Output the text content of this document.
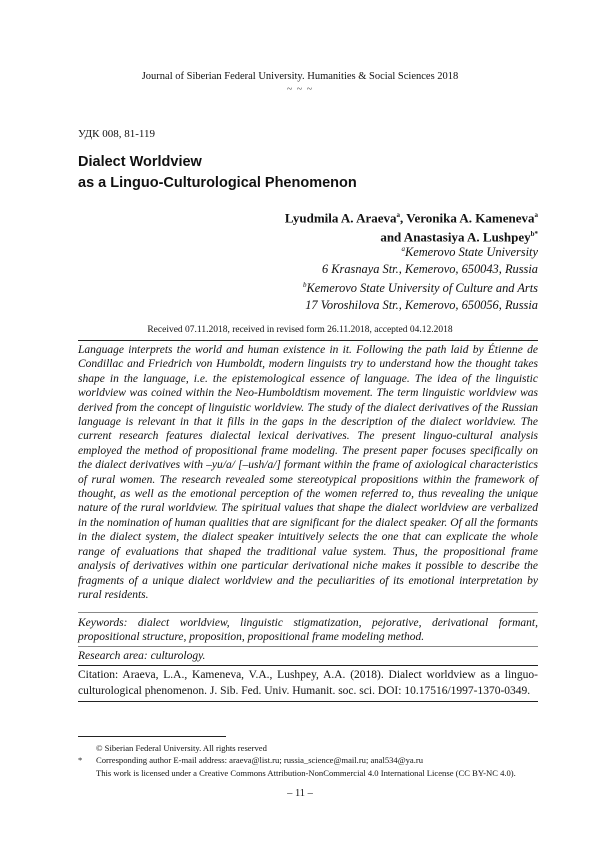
Journal of Siberian Federal University. Humanities & Social Sciences 2018
~ ~ ~
УДК 008, 81-119
Dialect Worldview
as a Linguo-Culturological Phenomenon
Lyudmila A. Araeva$^a$, Veronika A. Kameneva$^a$
and Anastasiya A. Lushpey$^{b*}$
$^a$Kemerovo State University
6 Krasnaya Str., Kemerovo, 650043, Russia
$^b$Kemerovo State University of Culture and Arts
17 Voroshilova Str., Kemerovo, 650056, Russia
Received 07.11.2018, received in revised form 26.11.2018, accepted 04.12.2018
Language interprets the world and human existence in it. Following the path laid by Étienne de Condillac and Friedrich von Humboldt, modern linguists try to understand how the thought takes shape in the language, i.e. the epistemological essence of language. The idea of the linguistic worldview was coined within the Neo-Humboldtism movement. The term linguistic worldview was derived from the concept of linguistic worldview. The study of the dialect derivatives of the Russian language is relevant in that it fills in the gaps in the description of the dialect worldview. The current research features dialectal lexical derivatives. The present linguo-cultural analysis employed the method of propositional frame modeling. The present paper focuses specifically on the dialect derivatives with –yu/a/ [–ush/a/] formant within the frame of axiological characteristics of rural women. The research revealed some stereotypical propositions within the framework of thought, as well as the emotional perception of the women referred to, thus revealing the unique nature of the rural worldview. The spiritual values that shape the dialect worldview are verbalized in the nomination of human qualities that are significant for the dialect speaker. Of all the formants in the dialect system, the dialect speaker intuitively selects the one that can explicate the whole range of evaluations that shaped the traditional value system. Thus, the propositional frame analysis of derivatives within one particular derivational niche makes it possible to describe the fragments of a unique dialect worldview and the peculiarities of its emotional interpretation by rural residents.
Keywords: dialect worldview, linguistic stigmatization, pejorative, derivational formant, propositional structure, proposition, propositional frame modeling method.
Research area: culturology.
Citation: Araeva, L.A., Kameneva, V.A., Lushpey, A.A. (2018). Dialect worldview as a linguo-culturological phenomenon. J. Sib. Fed. Univ. Humanit. soc. sci. DOI: 10.17516/1997-1370-0349.
© Siberian Federal University. All rights reserved
*	Corresponding author E-mail address: araeva@list.ru; russia_science@mail.ru; anal534@ya.ru
This work is licensed under a Creative Commons Attribution-NonCommercial 4.0 International License (CC BY-NC 4.0).
– 11 –
